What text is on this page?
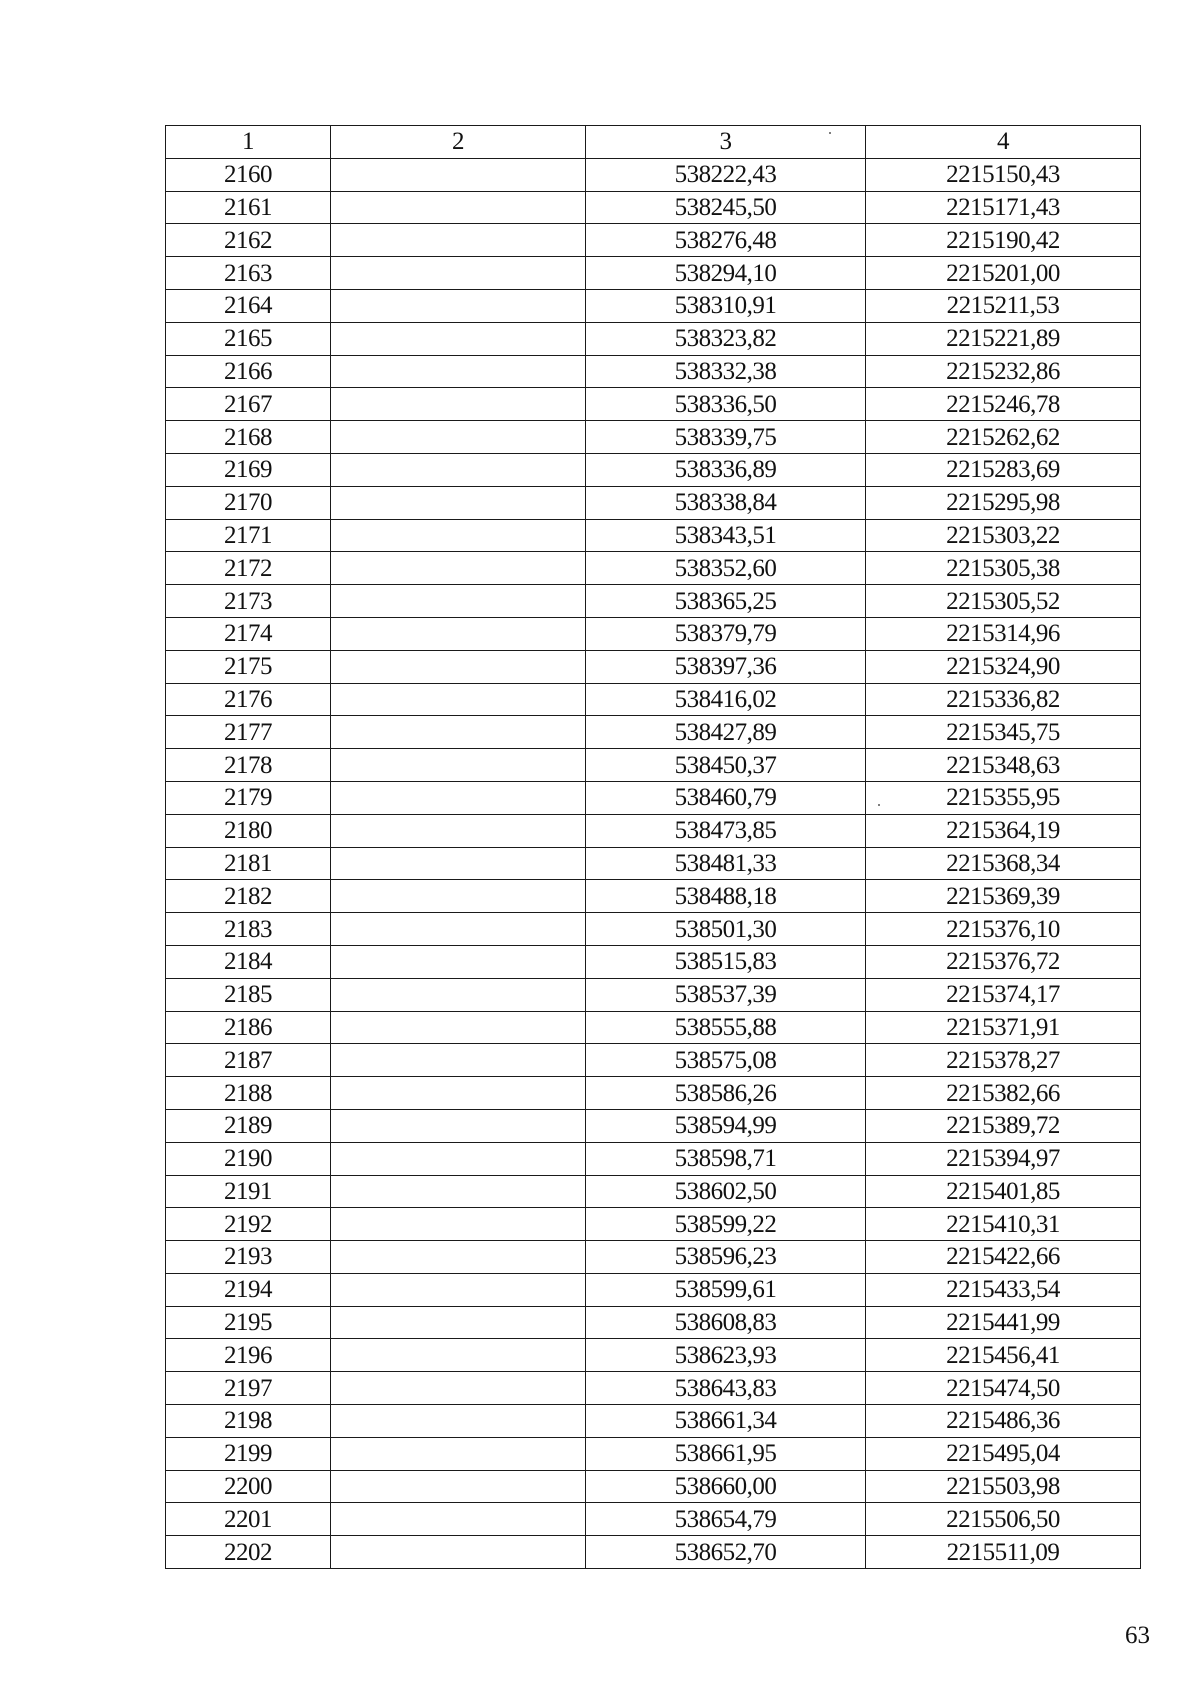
1	2	3	4
2160		538222,43	2215150,43
2161		538245,50	2215171,43
2162		538276,48	2215190,42
2163		538294,10	2215201,00
2164		538310,91	2215211,53
2165		538323,82	2215221,89
2166		538332,38	2215232,86
2167		538336,50	2215246,78
2168		538339,75	2215262,62
2169		538336,89	2215283,69
2170		538338,84	2215295,98
2171		538343,51	2215303,22
2172		538352,60	2215305,38
2173		538365,25	2215305,52
2174		538379,79	2215314,96
2175		538397,36	2215324,90
2176		538416,02	2215336,82
2177		538427,89	2215345,75
2178		538450,37	2215348,63
2179		538460,79	2215355,95
2180		538473,85	2215364,19
2181		538481,33	2215368,34
2182		538488,18	2215369,39
2183		538501,30	2215376,10
2184		538515,83	2215376,72
2185		538537,39	2215374,17
2186		538555,88	2215371,91
2187		538575,08	2215378,27
2188		538586,26	2215382,66
2189		538594,99	2215389,72
2190		538598,71	2215394,97
2191		538602,50	2215401,85
2192		538599,22	2215410,31
2193		538596,23	2215422,66
2194		538599,61	2215433,54
2195		538608,83	2215441,99
2196		538623,93	2215456,41
2197		538643,83	2215474,50
2198		538661,34	2215486,36
2199		538661,95	2215495,04
2200		538660,00	2215503,98
2201		538654,79	2215506,50
2202		538652,70	2215511,09
63
